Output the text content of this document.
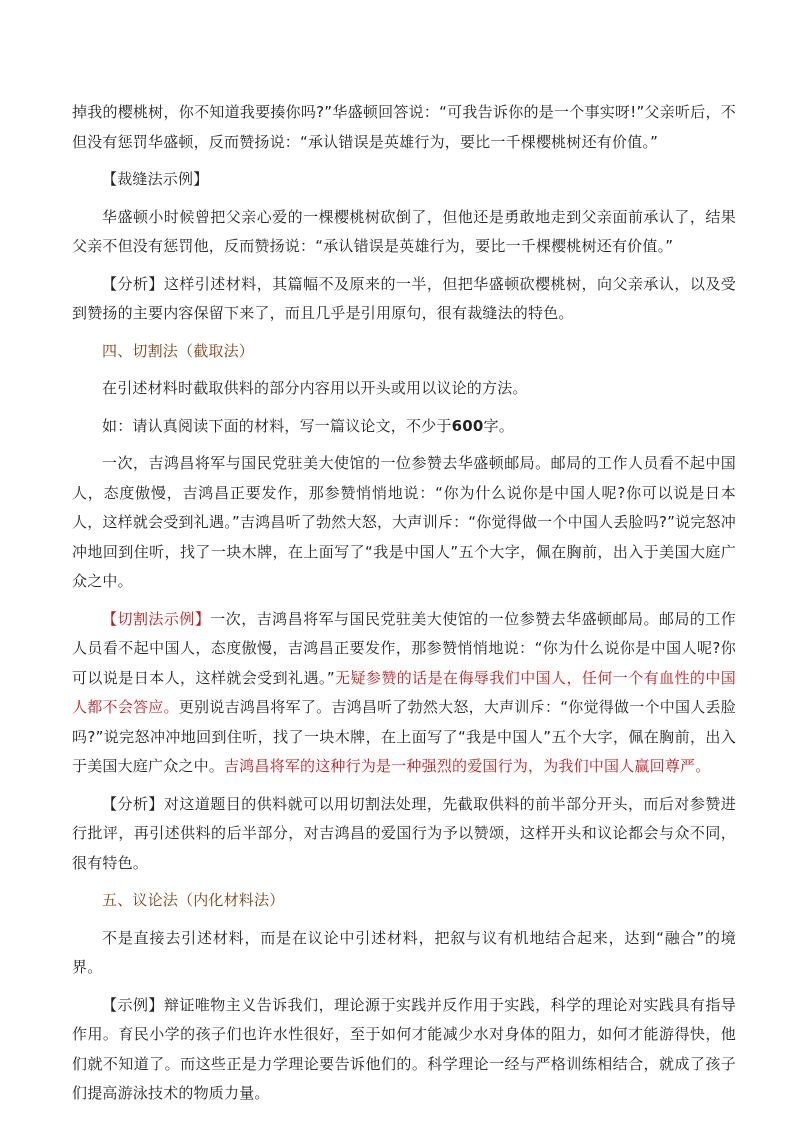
掉我的樱桃树，你不知道我要揍你吗?”华盛顿回答说：“可我告诉你的是一个事实呀!”父亲听后，不但没有惩罚华盛顿，反而赞扬说：“承认错误是英雄行为，要比一千棵樱桃树还有价值。”

【裁缝法示例】

华盛顿小时候曾把父亲心爱的一棵樱桃树砍倒了，但他还是勇敢地走到父亲面前承认了，结果父亲不但没有惩罚他，反而赞扬说：“承认错误是英雄行为，要比一千棵樱桃树还有价值。”

【分析】这样引述材料，其篇幅不及原来的一半，但把华盛顿砍樱桃树，向父亲承认，以及受到赞扬的主要内容保留下来了，而且几乎是引用原句，很有裁缝法的特色。

四、切割法（截取法）

在引述材料时截取供料的部分内容用以开头或用以议论的方法。

如：请认真阅读下面的材料，写一篇议论文，不少于600字。

一次，吉鸿昌将军与国民党驻美大使馆的一位参赞去华盛顿邮局。邮局的工作人员看不起中国人，态度傲慢，吉鸿昌正要发作，那参赞悄悄地说：“你为什么说你是中国人呢?你可以说是日本人，这样就会受到礼遇。”吉鸿昌听了勃然大怒，大声训斥：“你觉得做一个中国人丢脸吗?”说完怒冲冲地回到住听，找了一块木牌，在上面写了“我是中国人”五个大字，佩在胸前，出入于美国大庭广众之中。

【切割法示例】一次，吉鸿昌将军与国民党驻美大使馆的一位参赞去华盛顿邮局。邮局的工作人员看不起中国人，态度傲慢，吉鸿昌正要发作，那参赞悄悄地说：“你为什么说你是中国人呢?你可以说是日本人，这样就会受到礼遇。”无疑参赞的话是在侮辱我们中国人，任何一个有血性的中国人都不会答应。更别说吉鸿昌将军了。吉鸿昌听了勃然大怒，大声训斥：“你觉得做一个中国人丢脸吗?”说完怒冲冲地回到住听，找了一块木牌，在上面写了“我是中国人”五个大字，佩在胸前，出入于美国大庭广众之中。吉鸿昌将军的这种行为是一种强烈的爱国行为，为我们中国人赢回尊严。

【分析】对这道题目的供料就可以用切割法处理，先截取供料的前半部分开头，而后对参赞进行批评，再引述供料的后半部分，对吉鸿昌的爱国行为予以赞颂，这样开头和议论都会与众不同，很有特色。

五、议论法（内化材料法）

不是直接去引述材料，而是在议论中引述材料，把叙与议有机地结合起来，达到“融合”的境界。

【示例】辩证唯物主义告诉我们，理论源于实践并反作用于实践，科学的理论对实践具有指导作用。育民小学的孩子们也许水性很好，至于如何才能减少水对身体的阻力，如何才能游得快，他们就不知道了。而这些正是力学理论要告诉他们的。科学理论一经与严格训练相结合，就成了孩子们提高游泳技术的物质力量。
